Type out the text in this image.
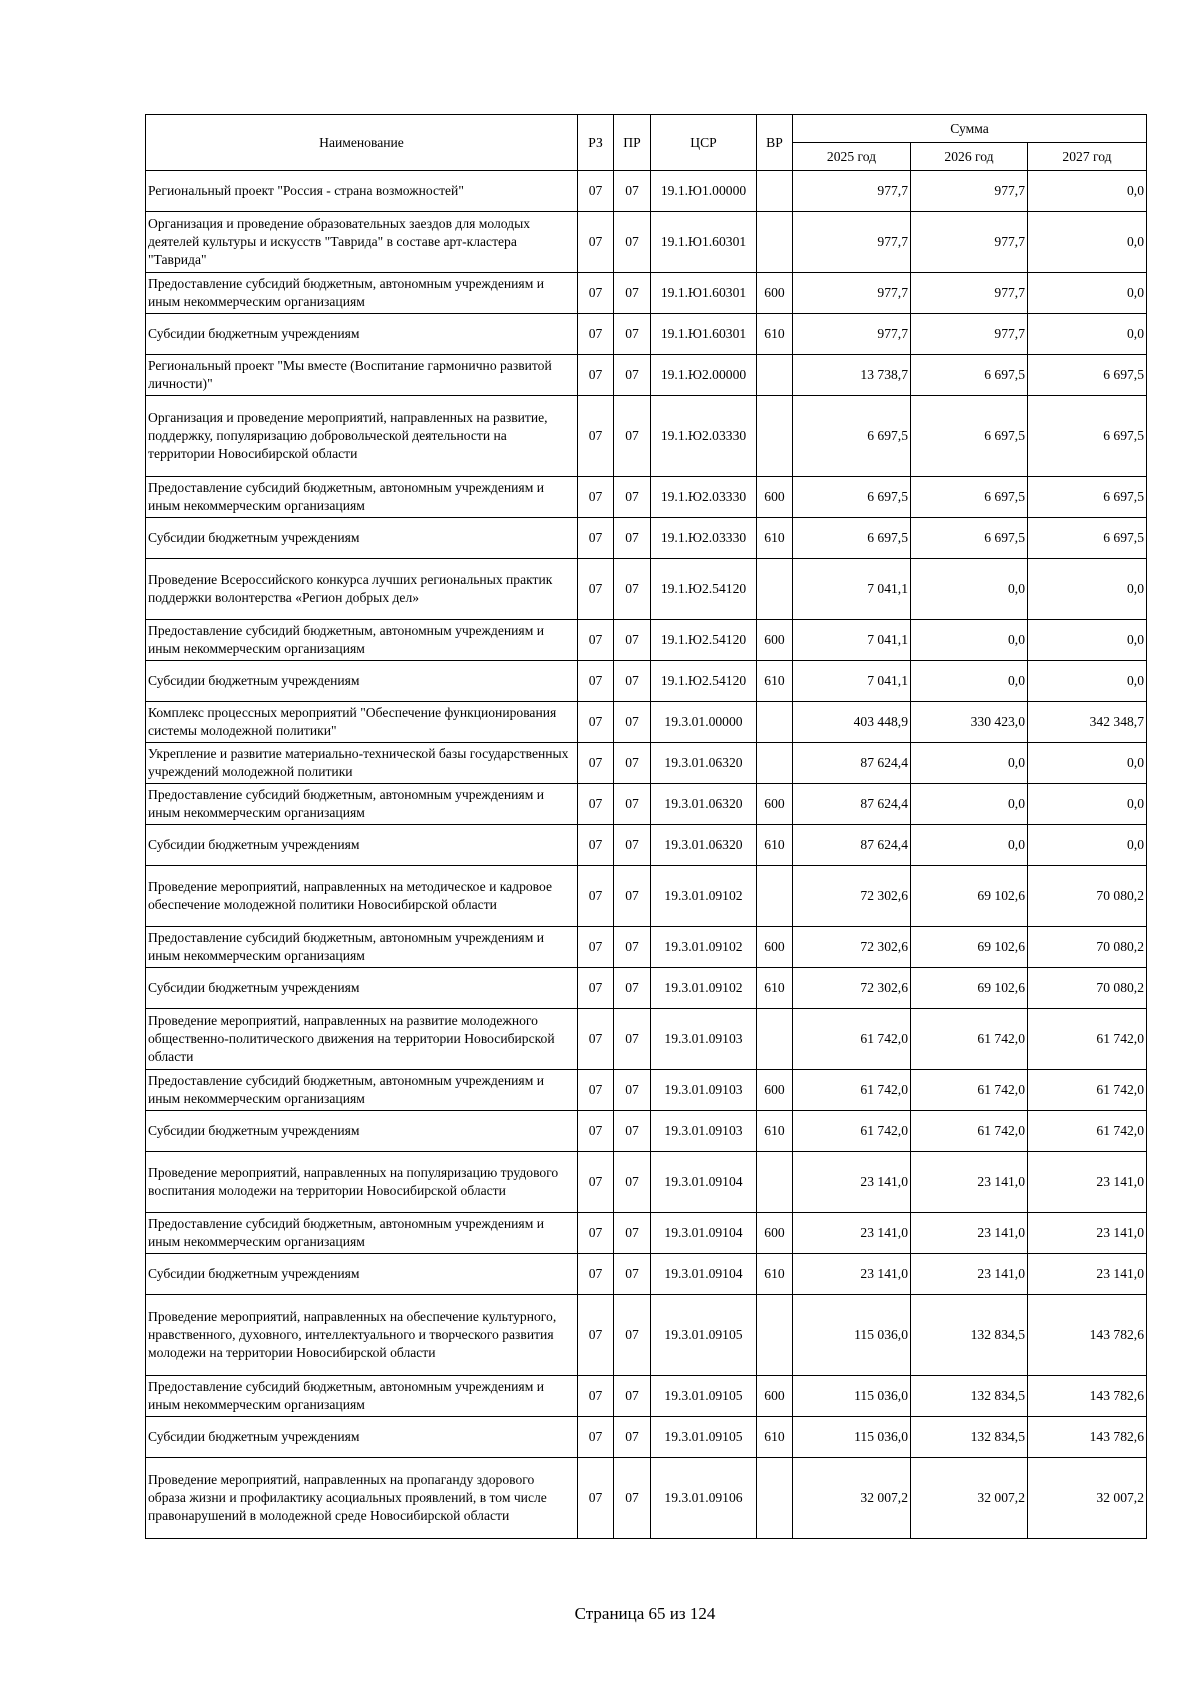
Наименование	РЗ	ПР	ЦСР	ВР	Сумма		
					2025 год	2026 год	2027 год
Региональный проект "Россия - страна возможностей"	07	07	19.1.Ю1.00000		977,7	977,7	0,0
Организация и проведение образовательных заездов для молодых деятелей культуры и искусств "Таврида" в составе арт-кластера "Таврида"	07	07	19.1.Ю1.60301		977,7	977,7	0,0
Предоставление субсидий бюджетным, автономным учреждениям и иным некоммерческим организациям	07	07	19.1.Ю1.60301	600	977,7	977,7	0,0
Субсидии бюджетным учреждениям	07	07	19.1.Ю1.60301	610	977,7	977,7	0,0
Региональный проект "Мы вместе (Воспитание гармонично развитой личности)"	07	07	19.1.Ю2.00000		13 738,7	6 697,5	6 697,5
Организация и проведение мероприятий, направленных на развитие, поддержку, популяризацию добровольческой деятельности на территории Новосибирской области	07	07	19.1.Ю2.03330		6 697,5	6 697,5	6 697,5
Предоставление субсидий бюджетным, автономным учреждениям и иным некоммерческим организациям	07	07	19.1.Ю2.03330	600	6 697,5	6 697,5	6 697,5
Субсидии бюджетным учреждениям	07	07	19.1.Ю2.03330	610	6 697,5	6 697,5	6 697,5
Проведение Всероссийского конкурса лучших региональных практик поддержки волонтерства «Регион добрых дел»	07	07	19.1.Ю2.54120		7 041,1	0,0	0,0
Предоставление субсидий бюджетным, автономным учреждениям и иным некоммерческим организациям	07	07	19.1.Ю2.54120	600	7 041,1	0,0	0,0
Субсидии бюджетным учреждениям	07	07	19.1.Ю2.54120	610	7 041,1	0,0	0,0
Комплекс процессных мероприятий "Обеспечение функционирования системы молодежной политики"	07	07	19.3.01.00000		403 448,9	330 423,0	342 348,7
Укрепление и развитие материально-технической базы государственных учреждений молодежной политики	07	07	19.3.01.06320		87 624,4	0,0	0,0
Предоставление субсидий бюджетным, автономным учреждениям и иным некоммерческим организациям	07	07	19.3.01.06320	600	87 624,4	0,0	0,0
Субсидии бюджетным учреждениям	07	07	19.3.01.06320	610	87 624,4	0,0	0,0
Проведение мероприятий, направленных на методическое и кадровое обеспечение молодежной политики Новосибирской области	07	07	19.3.01.09102		72 302,6	69 102,6	70 080,2
Предоставление субсидий бюджетным, автономным учреждениям и иным некоммерческим организациям	07	07	19.3.01.09102	600	72 302,6	69 102,6	70 080,2
Субсидии бюджетным учреждениям	07	07	19.3.01.09102	610	72 302,6	69 102,6	70 080,2
Проведение мероприятий, направленных на развитие молодежного общественно-политического движения на территории Новосибирской области	07	07	19.3.01.09103		61 742,0	61 742,0	61 742,0
Предоставление субсидий бюджетным, автономным учреждениям и иным некоммерческим организациям	07	07	19.3.01.09103	600	61 742,0	61 742,0	61 742,0
Субсидии бюджетным учреждениям	07	07	19.3.01.09103	610	61 742,0	61 742,0	61 742,0
Проведение мероприятий, направленных на популяризацию трудового воспитания молодежи на территории Новосибирской области	07	07	19.3.01.09104		23 141,0	23 141,0	23 141,0
Предоставление субсидий бюджетным, автономным учреждениям и иным некоммерческим организациям	07	07	19.3.01.09104	600	23 141,0	23 141,0	23 141,0
Субсидии бюджетным учреждениям	07	07	19.3.01.09104	610	23 141,0	23 141,0	23 141,0
Проведение мероприятий, направленных на обеспечение культурного, нравственного, духовного, интеллектуального и творческого развития молодежи на территории Новосибирской области	07	07	19.3.01.09105		115 036,0	132 834,5	143 782,6
Предоставление субсидий бюджетным, автономным учреждениям и иным некоммерческим организациям	07	07	19.3.01.09105	600	115 036,0	132 834,5	143 782,6
Субсидии бюджетным учреждениям	07	07	19.3.01.09105	610	115 036,0	132 834,5	143 782,6
Проведение мероприятий, направленных на пропаганду здорового образа жизни и профилактику асоциальных проявлений, в том числе правонарушений в молодежной среде Новосибирской области	07	07	19.3.01.09106		32 007,2	32 007,2	32 007,2
Страница 65 из 124
